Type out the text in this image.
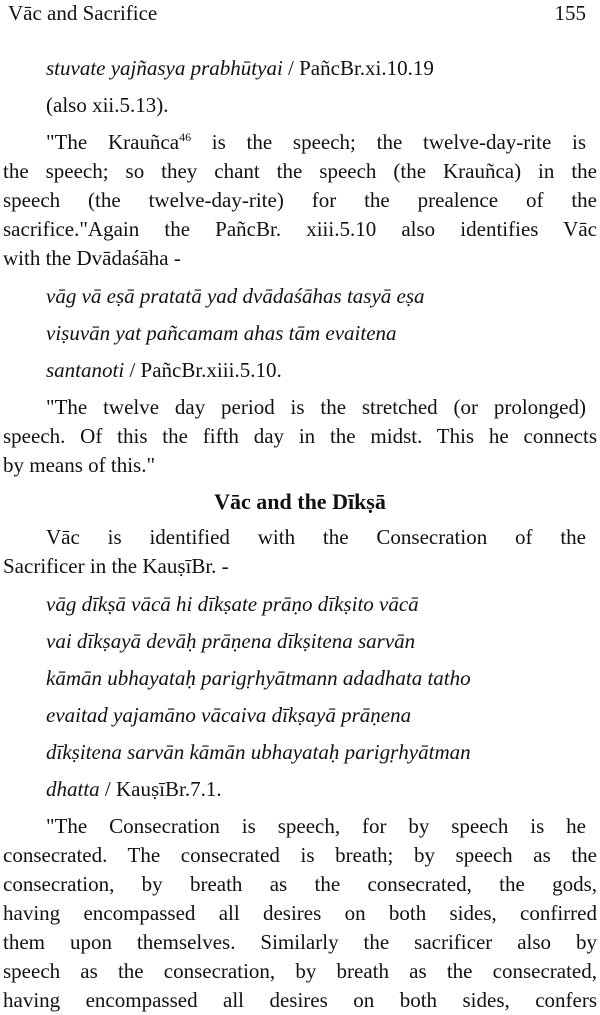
Vāc and Sacrifice	155
stuvate yajñasya prabhūtyai / PañcBr.xi.10.19
(also xii.5.13).
"The Krauñca$^{46}$ is the speech; the twelve-day-rite is
the speech; so they chant the speech (the Krauñca) in the
speech (the twelve-day-rite) for the prealence of the
sacrifice."Again the PañcBr. xiii.5.10 also identifies Vāc
with the Dvādaśāha -
vāg vā eṣā pratatā yad dvādaśāhas tasyā eṣa
viṣuvān yat pañcamam ahas tām evaitena
santanoti / PañcBr.xiii.5.10.
"The twelve day period is the stretched (or prolonged)
speech. Of this the fifth day in the midst. This he connects
by means of this."
Vāc and the Dīkṣā
Vāc is identified with the Consecration of the
Sacrificer in the KauṣīBr. -
vāg dīkṣā vācā hi dīkṣate prāṇo dīkṣito vācā
vai dīkṣayā devāḥ prāṇena dīkṣitena sarvān
kāmān ubhayataḥ parigṛhyātmann adadhata tatho
evaitad yajamāno vācaiva dīkṣayā prāṇena
dīkṣitena sarvān kāmān ubhayataḥ parigṛhyātman
dhatta / KauṣīBr.7.1.
"The Consecration is speech, for by speech is he
consecrated. The consecrated is breath; by speech as the
consecration, by breath as the consecrated, the gods,
having encompassed all desires on both sides, confirred
them upon themselves. Similarly the sacrificer also by
speech as the consecration, by breath as the consecrated,
having encompassed all desires on both sides, confers
